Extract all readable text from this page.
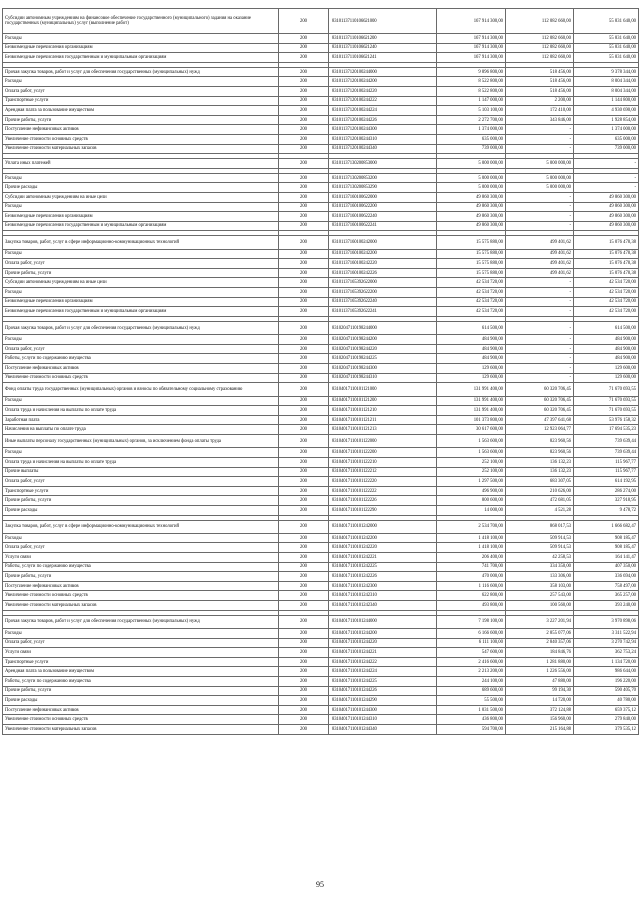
Субсидии автономным учреждениям на финансовое обеспечение государственного (муниципального) задания на оказание государственных (муниципальных) услуг (выполнение работ)	200	83101137110106621000	167 914 300,00	112 082 660,00	55 831 640,00
Расходы	200	83101137110106621200	167 914 300,00	112 082 660,00	55 831 640,00
Безвозмездные перечисления организациям	200	83101137110106621240	167 914 300,00	112 082 660,00	55 831 640,00
Безвозмездные перечисления государственным и муниципальным организациям	200	83101137110106621241	167 914 300,00	112 082 660,00	55 831 640,00

Прочая закупка товаров, работ и услуг для обеспечения государственных (муниципальных) нужд	200	83101137120100244000	9 896 800,00	518 456,00	9 378 344,00
Расходы	200	83101137120100244200	8 522 800,00	518 456,00	8 004 344,00
Оплата работ, услуг	200	83101137120100244220	8 522 800,00	518 456,00	8 004 344,00
Транспортные услуги	200	83101137120100244222	1 147 000,00	2 200,00	1 144 800,00
Арендная плата за пользование имуществом	200	83101137120100244224	5 103 100,00	172 410,00	4 930 690,00
Прочие работы, услуги	200	83101137120100244226	2 272 700,00	343 846,00	1 928 854,00
Поступление нефинансовых активов	200	83101137120100244300	1 374 000,00	-	1 374 000,00
Увеличение стоимости основных средств	200	83101137120100244310	635 000,00	-	635 000,00
Увеличение стоимости материальных запасов	200	83101137120100244340	739 000,00	-	739 000,00

Уплата иных платежей	200	83101137130200853000	5 000 000,00	5 000 000,00	-

Расходы	200	83101137130200853200	5 000 000,00	5 000 000,00	-
Прочие расходы	200	83101137130200853290	5 000 000,00	5 000 000,00	-
Субсидии автономным учреждениям на иные цели	200	83101137160100622000	49 860 300,00	-	49 860 300,00
Расходы	200	83101137160100622200	49 860 300,00	-	49 860 300,00
Безвозмездные перечисления организациям	200	83101137160100622240	49 860 300,00	-	49 860 300,00
Безвозмездные перечисления государственным и муниципальным организациям	200	83101137160100622241	49 860 300,00	-	49 860 300,00

Закупка товаров, работ, услуг в сфере информационно-коммуникационных технологий	200	83101137160100242000	15 575 880,00	499 401,62	15 076 478,38
Расходы	200	83101137160100242200	15 575 880,00	499 401,62	15 076 478,38
Оплата работ, услуг	200	83101137160100242220	15 575 880,00	499 401,62	15 076 478,38
Прочие работы, услуги	200	83101137160100242226	15 575 880,00	499 401,62	15 076 478,38
Субсидии автономным учреждениям на иные цели	200	83101137165392622000	42 534 720,00	-	42 534 720,00
Расходы	200	83101137165392622200	42 534 720,00	-	42 534 720,00
Безвозмездные перечисления организациям	200	83101137165392622240	42 534 720,00	-	42 534 720,00
Безвозмездные перечисления государственным и муниципальным организациям	200	83101137165392622241	42 534 720,00	-	42 534 720,00

Прочая закупка товаров, работ и услуг для обеспечения государственных (муниципальных) нужд	200	83102047110198244000	614 500,00	-	614 500,00
Расходы	200	83102047110198244200	484 900,00	-	484 900,00
Оплата работ, услуг	200	83102047110198244220	484 900,00	-	484 900,00
Работы, услуги по содержанию имущества	200	83102047110198244225	484 900,00	-	484 900,00
Поступление нефинансовых активов	200	83102047110198244300	129 600,00	-	129 600,00
Увеличение стоимости основных средств	200	83102047110198244310	129 600,00	-	129 600,00
Фонд оплаты труда государственных (муниципальных) органов и взносы по обязательному социальному страхованию	200	83104017110101121000	131 991 400,00	60 320 706,45	71 670 693,55
Расходы	200	83104017110101121200	131 991 400,00	60 320 706,45	71 670 693,55
Оплата труда и начисления на выплаты по оплате труда	200	83104017110101121210	131 991 400,00	60 320 706,45	71 670 693,55
Заработная плата	200	83104017110101121211	101 373 800,00	47 397 641,68	53 976 158,32
Начисления на выплаты по оплате труда	200	83104017110101121213	30 617 600,00	12 923 064,77	17 694 535,23
Иные выплаты персоналу государственных (муниципальных) органов, за исключением фонда оплаты труда	200	83104017110101122000	1 563 600,00	823 960,56	739 639,44
Расходы	200	83104017110101122200	1 563 600,00	823 960,56	739 639,44
Оплата труда и начисления на выплаты по оплате труда	200	83104017110101122210	252 100,00	136 132,23	115 967,77
Прочие выплаты	200	83104017110101122212	252 100,00	136 132,23	115 967,77
Оплата работ, услуг	200	83104017110101122220	1 297 500,00	683 307,05	614 192,95
Транспортные услуги	200	83104017110101122222	496 900,00	210 626,00	286 274,00
Прочие работы, услуги	200	83104017110101122226	800 600,00	472 681,05	327 918,95
Прочие расходы	200	83104017110101122290	14 000,00	4 521,28	9 478,72

Закупка товаров, работ, услуг в сфере информационно-коммуникационных технологий	200	83104017110101242000	2 534 700,00	868 017,53	1 666 682,47
Расходы	200	83104017110101242200	1 418 100,00	509 914,53	908 185,47
Оплата работ, услуг	200	83104017110101242220	1 418 100,00	509 914,53	908 185,47
Услуги связи	200	83104017110101242221	206 400,00	42 258,53	164 141,47
Работы, услуги по содержанию имущества	200	83104017110101242225	741 700,00	334 350,00	407 350,00
Прочие работы, услуги	200	83104017110101242226	470 000,00	133 306,00	336 694,00
Поступление нефинансовых активов	200	83104017110101242300	1 116 600,00	358 103,00	758 497,00
Увеличение стоимости основных средств	200	83104017110101242310	622 800,00	257 543,00	365 257,00
Увеличение стоимости материальных запасов	200	83104017110101242340	493 800,00	100 560,00	393 240,00

Прочая закупка товаров, работ и услуг для обеспечения государственных (муниципальных) нужд	200	83104017110101244000	7 198 100,00	3 227 201,94	3 970 898,06
Расходы	200	83104017110101244200	6 166 600,00	2 855 077,06	3 311 522,94
Оплата работ, услуг	200	83104017110101244220	6 111 100,00	2 840 357,06	3 270 742,94
Услуги связи	200	83104017110101244221	547 600,00	184 846,76	362 753,24
Транспортные услуги	200	83104017110101244222	2 416 600,00	1 281 880,00	1 134 720,00
Арендная плата за пользование имуществом	200	83104017110101244224	2 213 200,00	1 226 556,00	986 644,00
Работы, услуги по содержанию имущества	200	83104017110101244225	244 100,00	47 880,00	196 220,00
Прочие работы, услуги	200	83104017110101244226	689 600,00	99 194,30	590 405,70
Прочие расходы	200	83104017110101244290	55 500,00	14 720,00	40 780,00
Поступление нефинансовых активов	200	83104017110101244300	1 031 500,00	372 124,88	659 375,12
Увеличение стоимости основных средств	200	83104017110101244310	436 800,00	156 960,00	279 840,00
Увеличение стоимости материальных запасов	200	83104017110101244340	594 700,00	215 164,88	379 535,12
95
